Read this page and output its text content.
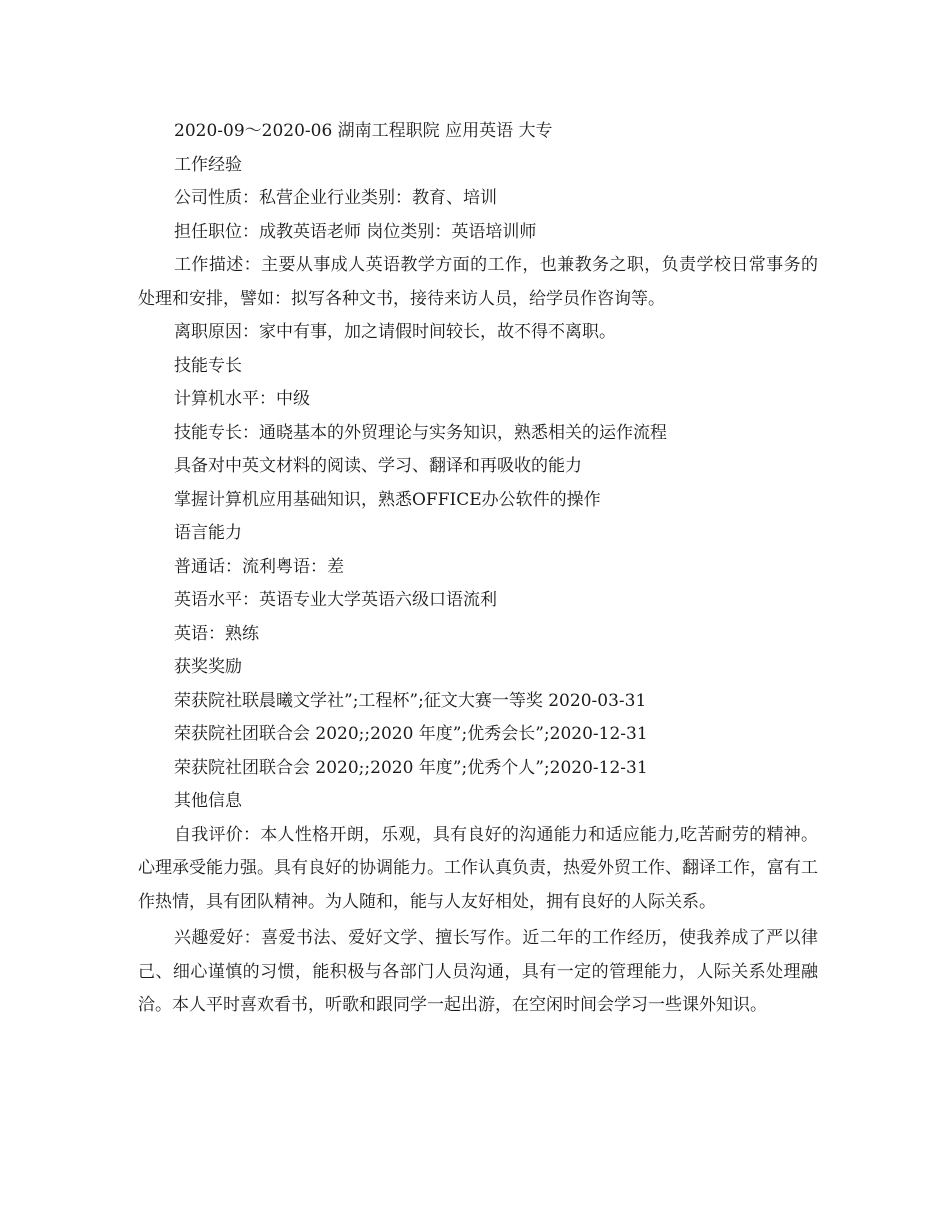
2020-09～2020-06 湖南工程职院 应用英语 大专
工作经验
公司性质：私营企业行业类别：教育、培训
担任职位：成教英语老师 岗位类别：英语培训师

工作描述：主要从事成人英语教学方面的工作，也兼教务之职，负责学校日常事务的处理和安排，譬如：拟写各种文书，接待来访人员，给学员作咨询等。

离职原因：家中有事，加之请假时间较长，故不得不离职。
技能专长
计算机水平：中级
技能专长：通晓基本的外贸理论与实务知识，熟悉相关的运作流程
具备对中英文材料的阅读、学习、翻译和再吸收的能力
掌握计算机应用基础知识，熟悉OFFICE办公软件的操作
语言能力
普通话：流利粤语：差
英语水平：英语专业大学英语六级口语流利
英语：熟练
获奖奖励
荣获院社联晨曦文学社”;工程杯”;征文大赛一等奖 2020-03-31
荣获院社团联合会 2020;;2020 年度”;优秀会长”;2020-12-31
荣获院社团联合会 2020;;2020 年度”;优秀个人”;2020-12-31
其他信息

自我评价：本人性格开朗，乐观，具有良好的沟通能力和适应能力,吃苦耐劳的精神。心理承受能力强。具有良好的协调能力。工作认真负责，热爱外贸工作、翻译工作，富有工作热情，具有团队精神。为人随和，能与人友好相处，拥有良好的人际关系。

兴趣爱好：喜爱书法、爱好文学、擅长写作。近二年的工作经历，使我养成了严以律己、细心谨慎的习惯，能积极与各部门人员沟通，具有一定的管理能力，人际关系处理融洽。本人平时喜欢看书，听歌和跟同学一起出游，在空闲时间会学习一些课外知识。
